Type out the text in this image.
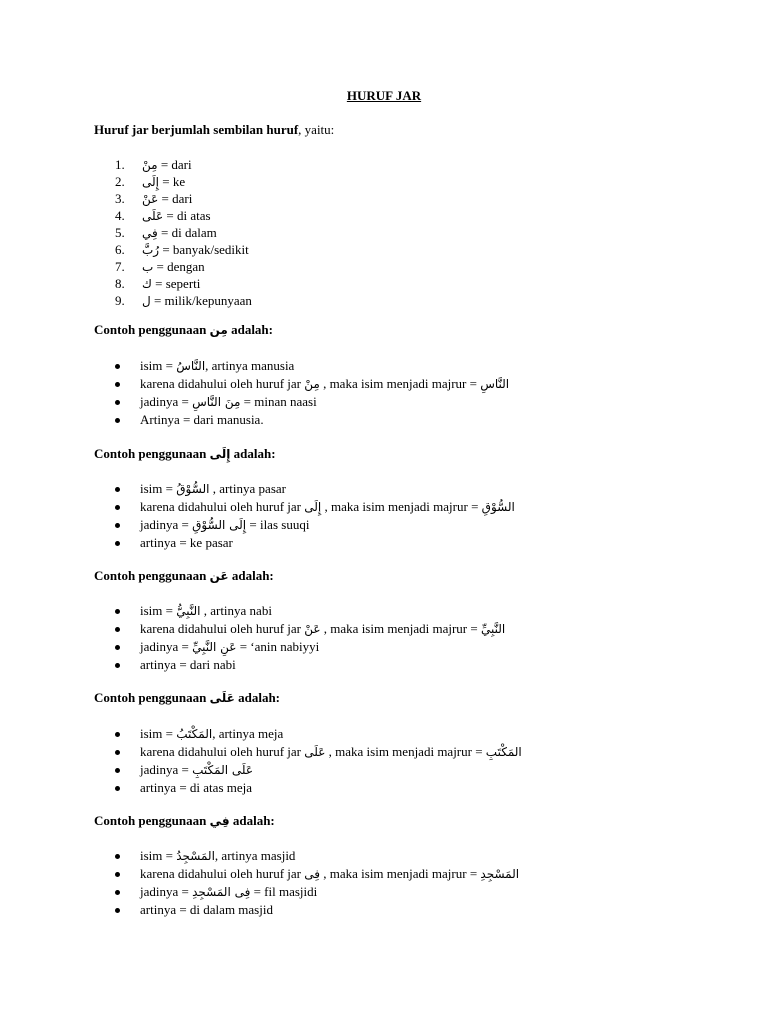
HURUF JAR
Huruf jar berjumlah sembilan huruf, yaitu:
1. مِنْ = dari
2. إِلَى = ke
3. عَنْ = dari
4. عَلَى = di atas
5. فِي = di dalam
6. رُبَّ = banyak/sedikit
7. ب = dengan
8. ك = seperti
9. ل = milik/kepunyaan
Contoh penggunaan مِن adalah:
isim = النَّاسُ, artinya manusia
karena didahului oleh huruf jar مِنْ , maka isim menjadi majrur = النَّاسِ
jadinya = مِنَ النَّاسِ = minan naasi
Artinya = dari manusia.
Contoh penggunaan إِلَى adalah:
isim = السُّوْقُ , artinya pasar
karena didahului oleh huruf jar إِلَى , maka isim menjadi majrur = السُّوْقِ
jadinya = إِلَى السُّوْقِ = ilas suuqi
artinya = ke pasar
Contoh penggunaan عَن adalah:
isim = النَّبِيُّ , artinya nabi
karena didahului oleh huruf jar عَنْ , maka isim menjadi majrur = النَّبِيِّ
jadinya = عَنِ النَّبِيِّ = ‘anin nabiyyi
artinya = dari nabi
Contoh penggunaan عَلَى adalah:
isim = المَكْتَبُ, artinya meja
karena didahului oleh huruf jar عَلَى , maka isim menjadi majrur = المَكْتَبِ
jadinya = عَلَى المَكْتَبِ
artinya = di atas meja
Contoh penggunaan فِي adalah:
isim = المَسْجِدُ, artinya masjid
karena didahului oleh huruf jar فِى , maka isim menjadi majrur = المَسْجِدِ
jadinya = فِى المَسْجِدِ = fil masjidi
artinya = di dalam masjid
